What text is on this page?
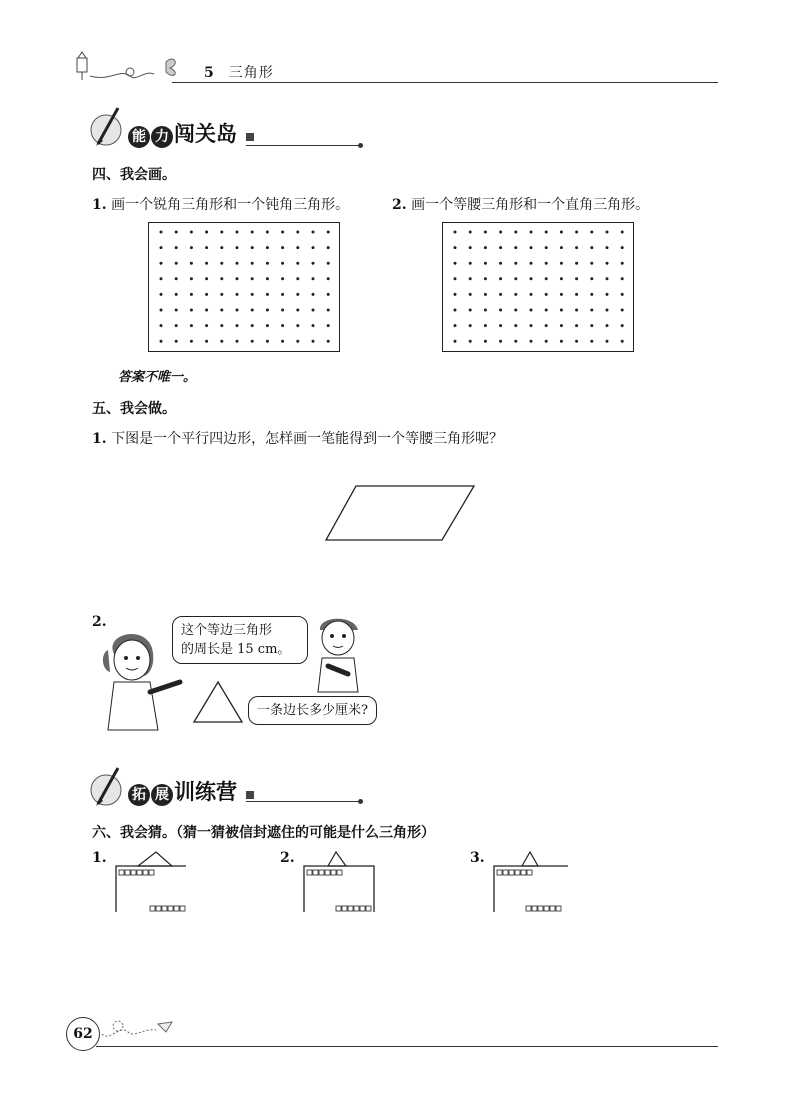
5 三角形
能 力 闯关岛
四、我会画。
1. 画一个锐角三角形和一个钝角三角形。	2. 画一个等腰三角形和一个直角三角形。
答案不唯一。
五、我会做。
1. 下图是一个平行四边形，怎样画一笔能得到一个等腰三角形呢？
2.
这个等边三角形
的周长是 15 cm。
一条边长多少厘米?
拓 展 训练营
六、我会猜。（猜一猜被信封遮住的可能是什么三角形）
1.	2.	3.
62
